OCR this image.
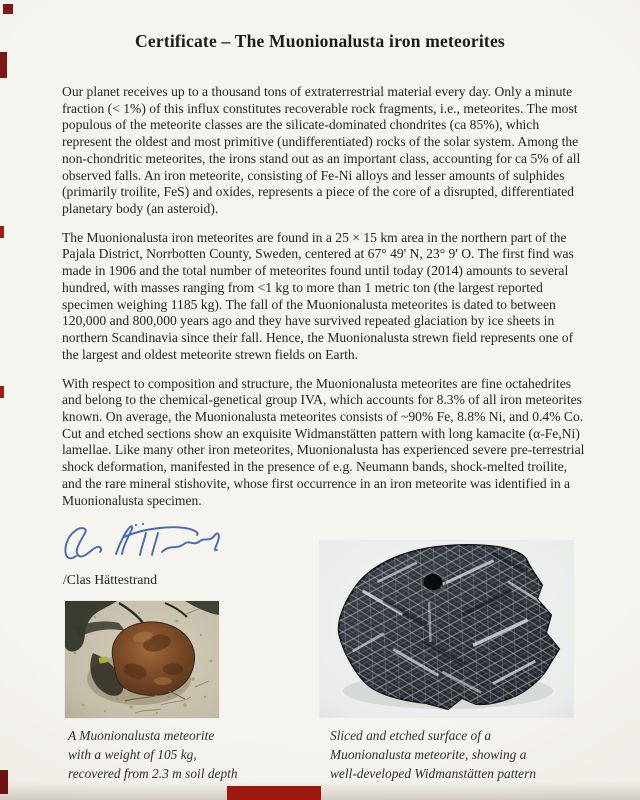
Certificate – The Muonionalusta iron meteorites

Our planet receives up to a thousand tons of extraterrestrial material every day. Only a minute fraction (< 1%) of this influx constitutes recoverable rock fragments, i.e., meteorites. The most populous of the meteorite classes are the silicate-dominated chondrites (ca 85%), which represent the oldest and most primitive (undifferentiated) rocks of the solar system. Among the non-chondritic meteorites, the irons stand out as an important class, accounting for ca 5% of all observed falls. An iron meteorite, consisting of Fe-Ni alloys and lesser amounts of sulphides (primarily troilite, FeS) and oxides, represents a piece of the core of a disrupted, differentiated planetary body (an asteroid).

The Muonionalusta iron meteorites are found in a 25 × 15 km area in the northern part of the Pajala District, Norrbotten County, Sweden, centered at 67° 49' N, 23° 9' O. The first find was made in 1906 and the total number of meteorites found until today (2014) amounts to several hundred, with masses ranging from <1 kg to more than 1 metric ton (the largest reported specimen weighing 1185 kg). The fall of the Muonionalusta meteorites is dated to between 120,000 and 800,000 years ago and they have survived repeated glaciation by ice sheets in northern Scandinavia since their fall. Hence, the Muonionalusta strewn field represents one of the largest and oldest meteorite strewn fields on Earth.

With respect to composition and structure, the Muonionalusta meteorites are fine octahedrites and belong to the chemical-genetical group IVA, which accounts for 8.3% of all iron meteorites known. On average, the Muonionalusta meteorites consists of ~90% Fe, 8.8% Ni, and 0.4% Co. Cut and etched sections show an exquisite Widmanstätten pattern with long kamacite (α-Fe,Ni) lamellae. Like many other iron meteorites, Muonionalusta has experienced severe pre-terrestrial shock deformation, manifested in the presence of e.g. Neumann bands, shock-melted troilite, and the rare mineral stishovite, whose first occurrence in an iron meteorite was identified in a Muonionalusta specimen.

/Clas Hättestrand
A Muonionalusta meteorite
with a weight of 105 kg,
recovered from 2.3 m soil depth
Sliced and etched surface of a
Muonionalusta meteorite, showing a
well-developed Widmanstätten pattern
